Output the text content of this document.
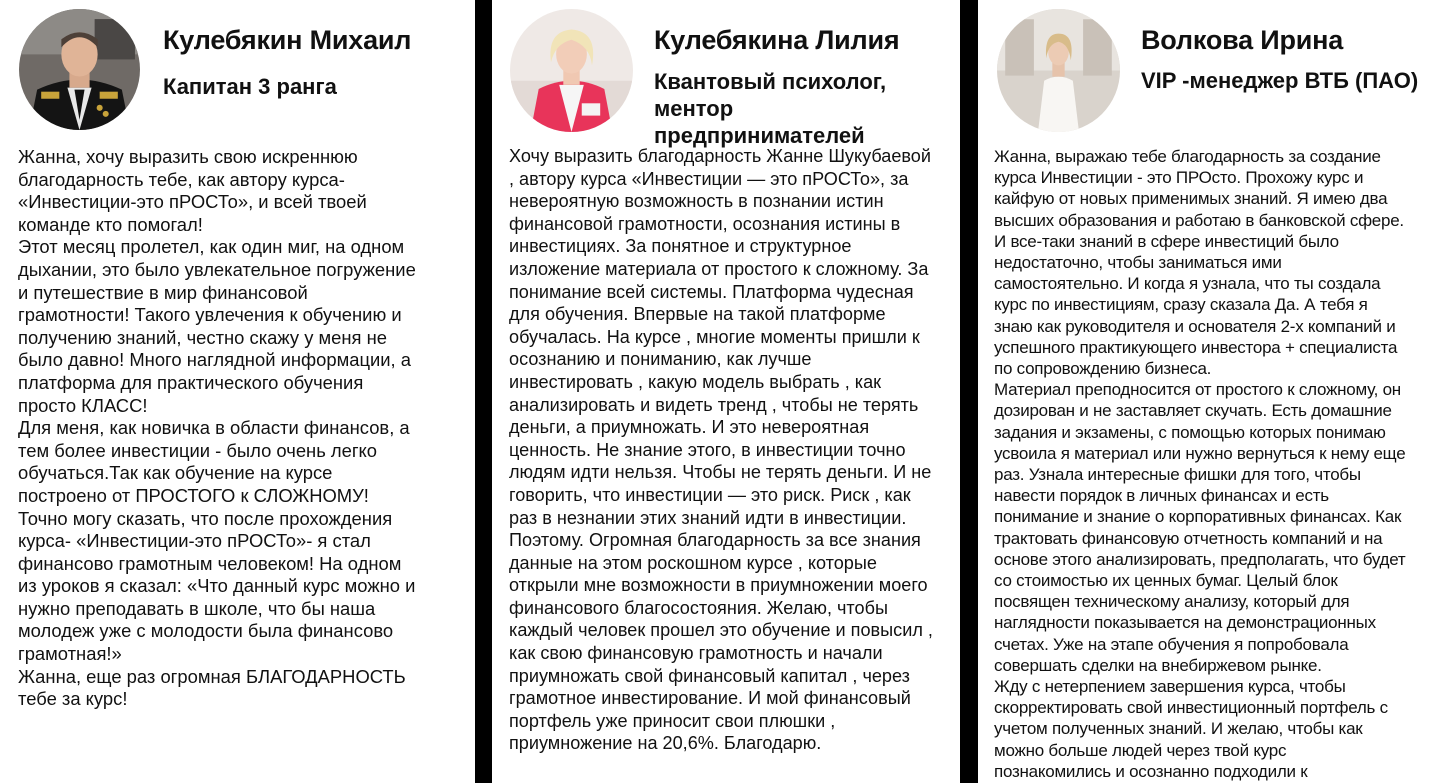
Кулебякин Михаил
Капитан 3 ранга
Жанна, хочу выразить свою искреннюю
благодарность тебе, как автору курса-
«Инвестиции-это пРОСТо», и всей твоей
команде кто помогал!
Этот месяц пролетел, как один миг, на одном
дыхании, это было увлекательное погружение
и путешествие в мир финансовой
грамотности! Такого увлечения к обучению и
получению знаний, честно скажу у меня не
было давно! Много наглядной информации, а
платформа для практического обучения
просто КЛАСС!
Для меня, как новичка в области финансов, а
тем более инвестиции - было очень легко
обучаться.Так как обучение на курсе
построено от ПРОСТОГО к СЛОЖНОМУ!
Точно могу сказать, что после прохождения
курса- «Инвестиции-это пРОСТо»- я стал
финансово грамотным человеком! На одном
из уроков я сказал: «Что данный курс можно и
нужно преподавать в школе, что бы наша
молодеж уже с молодости была финансово
грамотная!»
Жанна, еще раз огромная БЛАГОДАРНОСТЬ
тебе за курс!
Кулебякина Лилия
Квантовый психолог, ментор предпринимателей
Хочу выразить благодарность Жанне Шукубаевой
, автору курса «Инвестиции — это пРОСТо», за
невероятную возможность в познании истин
финансовой грамотности, осознания истины в
инвестициях. За понятное и структурное
изложение материала от простого к сложному. За
понимание всей системы. Платформа чудесная
для обучения. Впервые на такой платформе
обучалась. На курсе , многие моменты пришли к
осознанию и пониманию, как лучше
инвестировать , какую модель выбрать , как
анализировать и видеть тренд , чтобы не терять
деньги, а приумножать. И это невероятная
ценность. Не знание этого, в инвестиции точно
людям идти нельзя. Чтобы не терять деньги. И не
говорить, что инвестиции — это риск. Риск , как
раз в незнании этих знаний идти в инвестиции.
Поэтому. Огромная благодарность за все знания
данные на этом роскошном курсе , которые
открыли мне возможности в приумножении моего
финансового благосостояния. Желаю, чтобы
каждый человек прошел это обучение и повысил ,
как свою финансовую грамотность и начали
приумножать свой финансовый капитал , через
грамотное инвестирование. И мой финансовый
портфель уже приносит свои плюшки ,
приумножение на 20,6%. Благодарю.
Волкова Ирина
VIP -менеджер ВТБ (ПАО)
Жанна, выражаю тебе благодарность за создание
курса Инвестиции - это ПРОсто. Прохожу курс и
кайфую от новых применимых знаний. Я имею два
высших образования и работаю в банковской сфере.
И все-таки знаний в сфере инвестиций было
недостаточно, чтобы заниматься ими
самостоятельно. И когда я узнала, что ты создала
курс по инвестициям, сразу сказала Да. А тебя я
знаю как руководителя и основателя 2-х компаний и
успешного практикующего инвестора + специалиста
по сопровождению бизнеса.
Материал преподносится от простого к сложному, он
дозирован и не заставляет скучать. Есть домашние
задания и экзамены, с помощью которых понимаю
усвоила я материал или нужно вернуться к нему еще
раз. Узнала интересные фишки для того, чтобы
навести порядок в личных финансах и есть
понимание и знание о корпоративных финансах. Как
трактовать финансовую отчетность компаний и на
основe этого анализировать, предполагать, что будет
со стоимостью их ценных бумаг. Целый блок
посвящен техническому анализу, который для
наглядности показывается на демонстрационных
счетах. Уже на этапе обучения я попробовала
совершать сделки на внебиржевом рынке.
Жду с нетерпением завершения курса, чтобы
скорректировать свой инвестиционный портфель с
учетом полученных знаний. И желаю, чтобы как
можно больше людей через твой курс
познакомились и осознанно подходили к
